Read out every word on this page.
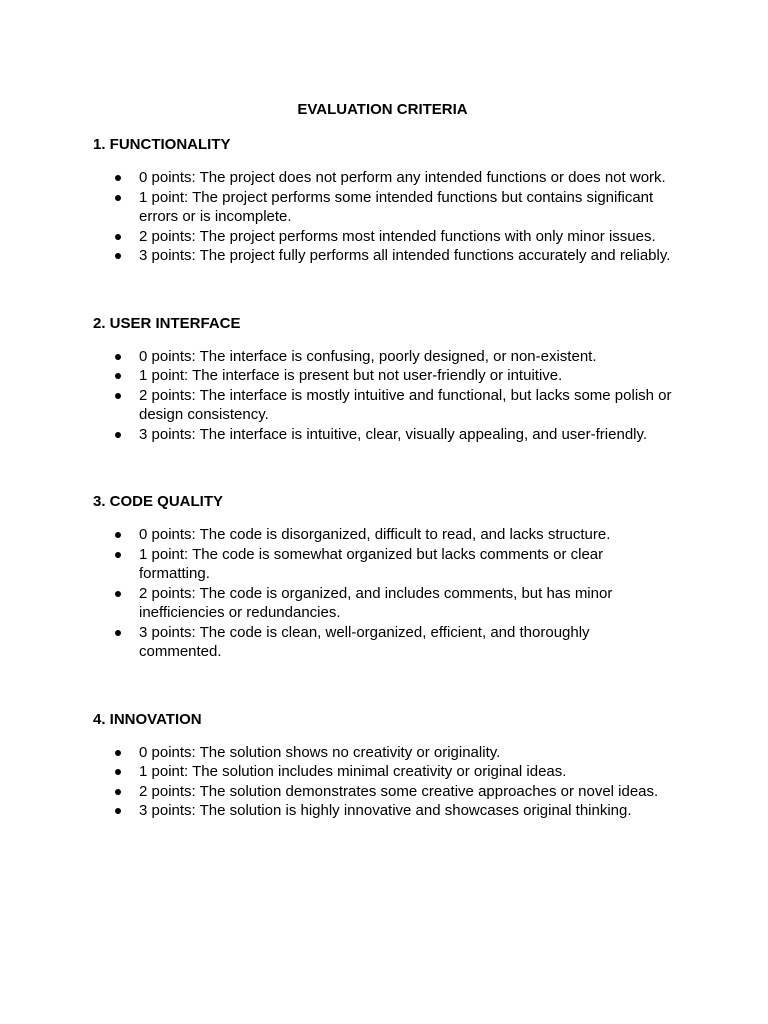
EVALUATION CRITERIA
1. FUNCTIONALITY
0 points: The project does not perform any intended functions or does not work.
1 point: The project performs some intended functions but contains significant errors or is incomplete.
2 points: The project performs most intended functions with only minor issues.
3 points: The project fully performs all intended functions accurately and reliably.
2. USER INTERFACE
0 points: The interface is confusing, poorly designed, or non-existent.
1 point: The interface is present but not user-friendly or intuitive.
2 points: The interface is mostly intuitive and functional, but lacks some polish or design consistency.
3 points: The interface is intuitive, clear, visually appealing, and user-friendly.
3. CODE QUALITY
0 points: The code is disorganized, difficult to read, and lacks structure.
1 point: The code is somewhat organized but lacks comments or clear formatting.
2 points: The code is organized, and includes comments, but has minor inefficiencies or redundancies.
3 points: The code is clean, well-organized, efficient, and thoroughly commented.
4. INNOVATION
0 points: The solution shows no creativity or originality.
1 point: The solution includes minimal creativity or original ideas.
2 points: The solution demonstrates some creative approaches or novel ideas.
3 points: The solution is highly innovative and showcases original thinking.
